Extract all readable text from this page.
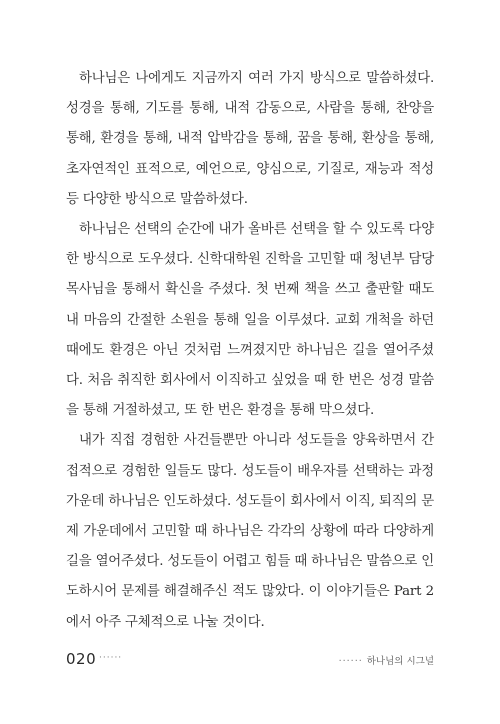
하나님은 나에게도 지금까지 여러 가지 방식으로 말씀하셨다. 성경을 통해, 기도를 통해, 내적 감동으로, 사람을 통해, 찬양을 통해, 환경을 통해, 내적 압박감을 통해, 꿈을 통해, 환상을 통해, 초자연적인 표적으로, 예언으로, 양심으로, 기질로, 재능과 적성 등 다양한 방식으로 말씀하셨다.

하나님은 선택의 순간에 내가 올바른 선택을 할 수 있도록 다양한 방식으로 도우셨다. 신학대학원 진학을 고민할 때 청년부 담당 목사님을 통해서 확신을 주셨다. 첫 번째 책을 쓰고 출판할 때도 내 마음의 간절한 소원을 통해 일을 이루셨다. 교회 개척을 하던 때에도 환경은 아닌 것처럼 느껴졌지만 하나님은 길을 열어주셨다. 처음 취직한 회사에서 이직하고 싶었을 때 한 번은 성경 말씀을 통해 거절하셨고, 또 한 번은 환경을 통해 막으셨다.

내가 직접 경험한 사건들뿐만 아니라 성도들을 양육하면서 간접적으로 경험한 일들도 많다. 성도들이 배우자를 선택하는 과정 가운데 하나님은 인도하셨다. 성도들이 회사에서 이직, 퇴직의 문제 가운데에서 고민할 때 하나님은 각각의 상황에 따라 다양하게 길을 열어주셨다. 성도들이 어렵고 힘들 때 하나님은 말씀으로 인도하시어 문제를 해결해주신 적도 많았다. 이 이야기들은 Part 2에서 아주 구체적으로 나눌 것이다.

020 ······	······ 하나님의 시그널
